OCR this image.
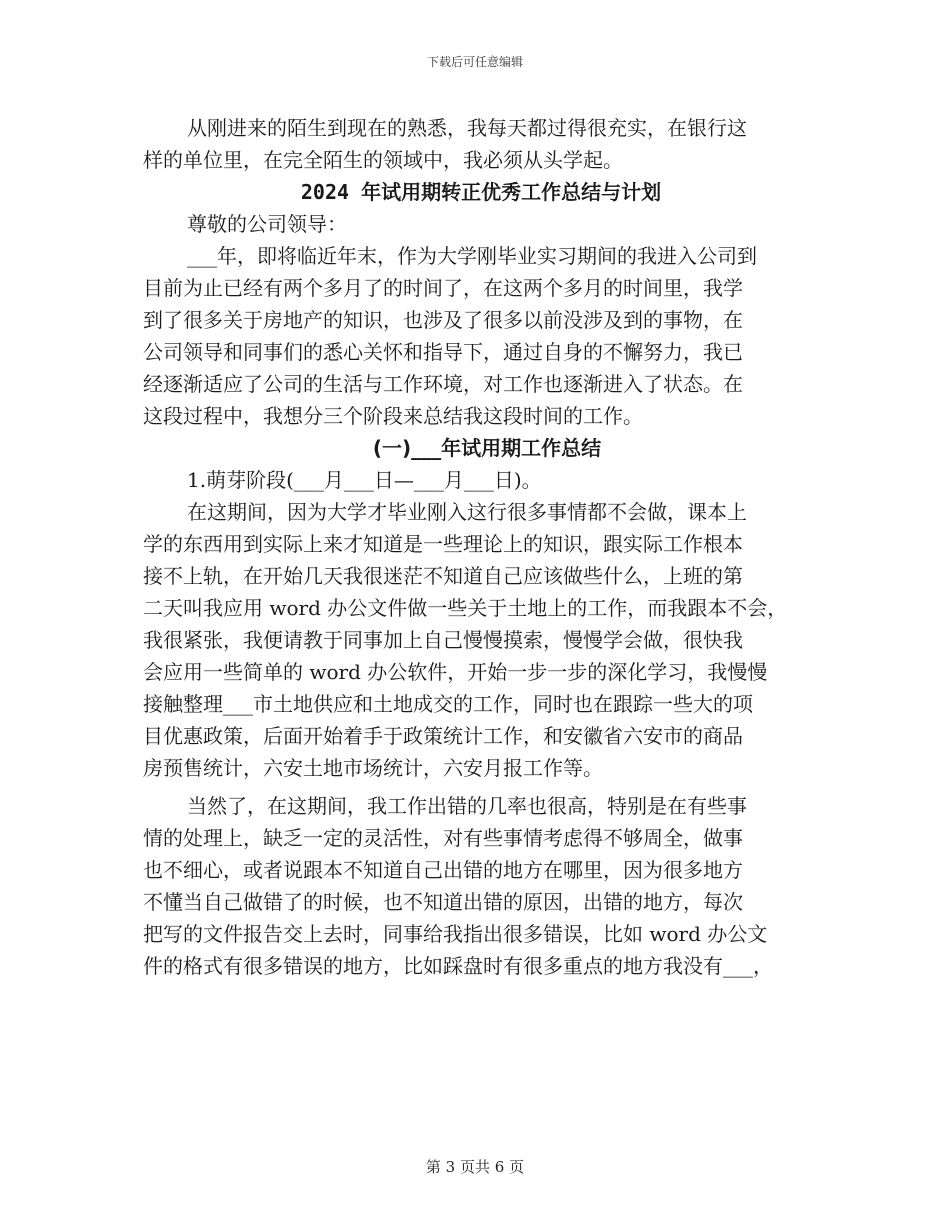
下载后可任意编辑

从刚进来的陌生到现在的熟悉，我每天都过得很充实，在银行这
样的单位里，在完全陌生的领域中，我必须从头学起。

2024 年试用期转正优秀工作总结与计划

尊敬的公司领导：

___年，即将临近年末，作为大学刚毕业实习期间的我进入公司到
目前为止已经有两个多月了的时间了，在这两个多月的时间里，我学
到了很多关于房地产的知识，也涉及了很多以前没涉及到的事物，在
公司领导和同事们的悉心关怀和指导下，通过自身的不懈努力，我已
经逐渐适应了公司的生活与工作环境，对工作也逐渐进入了状态。在
这段过程中，我想分三个阶段来总结我这段时间的工作。

(一)___年试用期工作总结

1.萌芽阶段(___月___日—___月___日)。

在这期间，因为大学才毕业刚入这行很多事情都不会做，课本上
学的东西用到实际上来才知道是一些理论上的知识，跟实际工作根本
接不上轨，在开始几天我很迷茫不知道自己应该做些什么，上班的第
二天叫我应用 word 办公文件做一些关于土地上的工作，而我跟本不会，
我很紧张，我便请教于同事加上自己慢慢摸索，慢慢学会做，很快我
会应用一些简单的 word 办公软件，开始一步一步的深化学习，我慢慢
接触整理___市土地供应和土地成交的工作，同时也在跟踪一些大的项
目优惠政策，后面开始着手于政策统计工作，和安徽省六安市的商品
房预售统计，六安土地市场统计，六安月报工作等。

当然了，在这期间，我工作出错的几率也很高，特别是在有些事
情的处理上，缺乏一定的灵活性，对有些事情考虑得不够周全，做事
也不细心，或者说跟本不知道自己出错的地方在哪里，因为很多地方
不懂当自己做错了的时候，也不知道出错的原因，出错的地方，每次
把写的文件报告交上去时，同事给我指出很多错误，比如 word 办公文
件的格式有很多错误的地方，比如踩盘时有很多重点的地方我没有___，

第 3 页共 6 页
